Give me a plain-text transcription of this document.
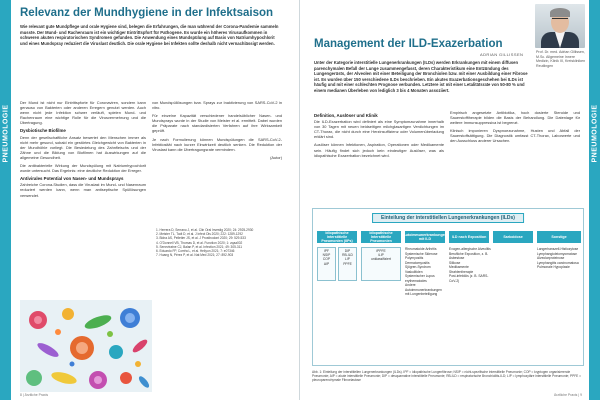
PNEUMOLOGIE
Relevanz der Mundhygiene in der Infektsaison
Wie relevant gute Mundpflege und orale Hygiene sind, belegen die Erfahrungen, die man während der Corona-Pandemie sammeln musste. Der Mund- und Rachenraum ist ein wichtiger Eintrittspfort für Pathogene. Es wurde ein höheres Virusaufkommen in schweren akuten respiratorischen Syndromen gefunden. Die Anwendung eines Mundspülung auf Basis von Natriumhypochlorit und eines Mundspray reduziert die Viruslast deutlich. Die orale Hygiene bei Infekten sollte deshalb nicht vernachlässigt werden.

Der Mund ist nicht nur Eintrittspforte für Coronaviren, sondern kann genauso von Bakterien oder anderen Erregern genutzt werden. Auch wenn nicht jede Infektion schwer verläuft, spielen Mund- und Rachenraum eine wichtige Rolle für die Virusvermehrung und die Übertragung.

Dysbiotische Biofilme

Denn der gesellschaftliche Ansatz bewertet den Menschen immer als nicht mehr gesund, sobald ein gestörtes Gleichgewicht von Bakterien in der Mundhöhle vorliegt. Die Besiedelung des Zahnfleischs und der Zähne und die Bildung von Biofilmen hat Auswirkungen auf die allgemeine Gesundheit.

Die antibakterielle Wirkung der Mundspülung mit Natriumhypochlorit wurde untersucht. Das Ergebnis: eine deutliche Reduktion der Erreger.

Antivirales Potential von Nasen- und Mundsprays

Zahlreiche Corona-Studien, dass die Viruslast im Mund- und Nasenraum reduziert werden kann, wenn man antiseptische Spüllösungen verwendet.

von Mundspüllösungen bzw. Sprays zur Inaktivierung von SARS-CoV-2 in vitro.

Für einzelne Kapazität verschiedener handelsüblicher Nasen- und Mundsprays wurde in der Studie von Meister et al. ermittelt. Dabei wurden die Präparate nach standardisierten Verfahren auf ihre Wirksamkeit geprüft.

Je nach Formulierung können Mundspülungen die SARS-CoV-2-Infektiosität nach kurzer Einwirkzeit deutlich senken. Die Reduktion der Viruslast kann die Übertragungsrate vermindern.

(Autor)

1. Herrera D, Serrano J, et al. Clin Oral Investig 2020; 24: 2925-2930
2. Meister TL, Todt D, et al. J Infect Dis 2020; 222: 1289-1292
3. Bidra AS, Pelletier JS, et al. J Prosthodont 2020; 29: 529-533
4. O'Donnell VB, Thomas D, et al. Function 2020; 1: zqaa002
5. Seneviratne CJ, Balan P, et al. Infection 2021; 49: 305-311
6. Eduardo FP, Corrêa L, et al. Heliyon 2021; 7: e07346
7. Huang N, Pérez P, et al. Nat Med 2021; 27: 892-903
8 | Ärztliche Praxis
PNEUMOLOGIE
Management der ILD-Exazerbation
ADRIAN GILLISSEN	Prof. Dr. med. Adrian Gillissen, M.Sc. Allgemeine Innere Medizin, Klinik III, Kreiskliniken Reutlingen
Unter der Kategorie interstitielle Lungenerkrankungen (ILDs) werden Erkrankungen mit einem diffusen parenchymalen Befall der Lunge zusammengefasst, deren Charakteristikum eine Entzündung des Lungengerüsts, der Alveolen mit einer Beteiligung der Bronchiolen bzw. mit einer Ausbildung einer Fibrose ist. Es wurden über 150 verschiedene ILDs beschrieben. Ein akutes Exazerbationsgeschehen bei ILDs ist häufig und mit einer schlechten Prognose verbunden. Letztere ist mit einer Letalitätsrate von 50-80 % und einem medianen Überleben von lediglich 3 bis 4 Monaten assoziiert.
Definition, Auslöser und Klinik

Die ILD-Exazerbation wird definiert als eine Symptomzunahme innerhalb von 30 Tagen mit neuen beidseitigen milchglasartigen Verdichtungen im CT-Thorax, die nicht durch eine Herzinsuffizienz oder Volumenüberladung erklärt sind.

Auslöser können Infektionen, Aspiration, Operationen oder Medikamente sein. Häufig findet sich jedoch kein eindeutiger Auslöser, was als idiopathische Exazerbation bezeichnet wird.

Empirisch angesetzte Antibiotika, hoch dosierte Steroide und Sauerstofftherapie bilden die Basis der Behandlung. Die Datenlage für weitere Immunsuppressiva ist begrenzt.

Klinisch imponieren Dyspnoezunahme, Husten und Abfall der Sauerstoffsättigung. Die Diagnostik umfasst CT-Thorax, Laborwerte und den Ausschluss anderer Ursachen.

Einteilung der interstitiellen Lungenerkrankungen (ILDs)
Idiopathische interstitielle Pneumonien (IIPs)
Idiopathische Interstitielle Pneumonien
Autoimmunerkrankungen mit ILD	ILD nach Exposition	Sarkoidose	Sonstige
IPF
NSIP
COP
AIP
DIP
RB-ILD
LIP
PPFE
iPPFE
iLIP
unklassifiziert
Rheumatoide Arthritis
Systemische Sklerose
Polymyositis
Dermatomyositis
Sjögren-Syndrom
Vaskulitiden
Systemischer Lupus erythematodes
Andere Autoimmunerkrankungen mit Lungenbeteiligung
Exogen-allergische Alveolitis
Berufliche Exposition, z. B.
Asbestose
Silikose
Medikamente
Strahlentherapie
Post-infektiös (z. B. SARS-CoV-2)
Langerhanszell-Histiozytose
Lymphangioleiomyomatose
Alveolarproteinose
Lymphangitis carcinomatosa
Pulmonale Hypoplasie
Abb. 1: Einteilung der interstitiellen Lungenerkrankungen (ILDs). IPF = idiopathische Lungenfibrose; NSIP = nicht-spezifische interstitielle Pneumonie; COP = kryptogen organisierende Pneumonie; AIP = akute interstitielle Pneumonie; DIP = desquamative interstitielle Pneumonie; RB-ILD = respiratorische Bronchiolitis-ILD; LIP = lymphozytäre interstitielle Pneumonie; PPFE = pleuroparenchymale Fibroelastose
Ärztliche Praxis | 9
